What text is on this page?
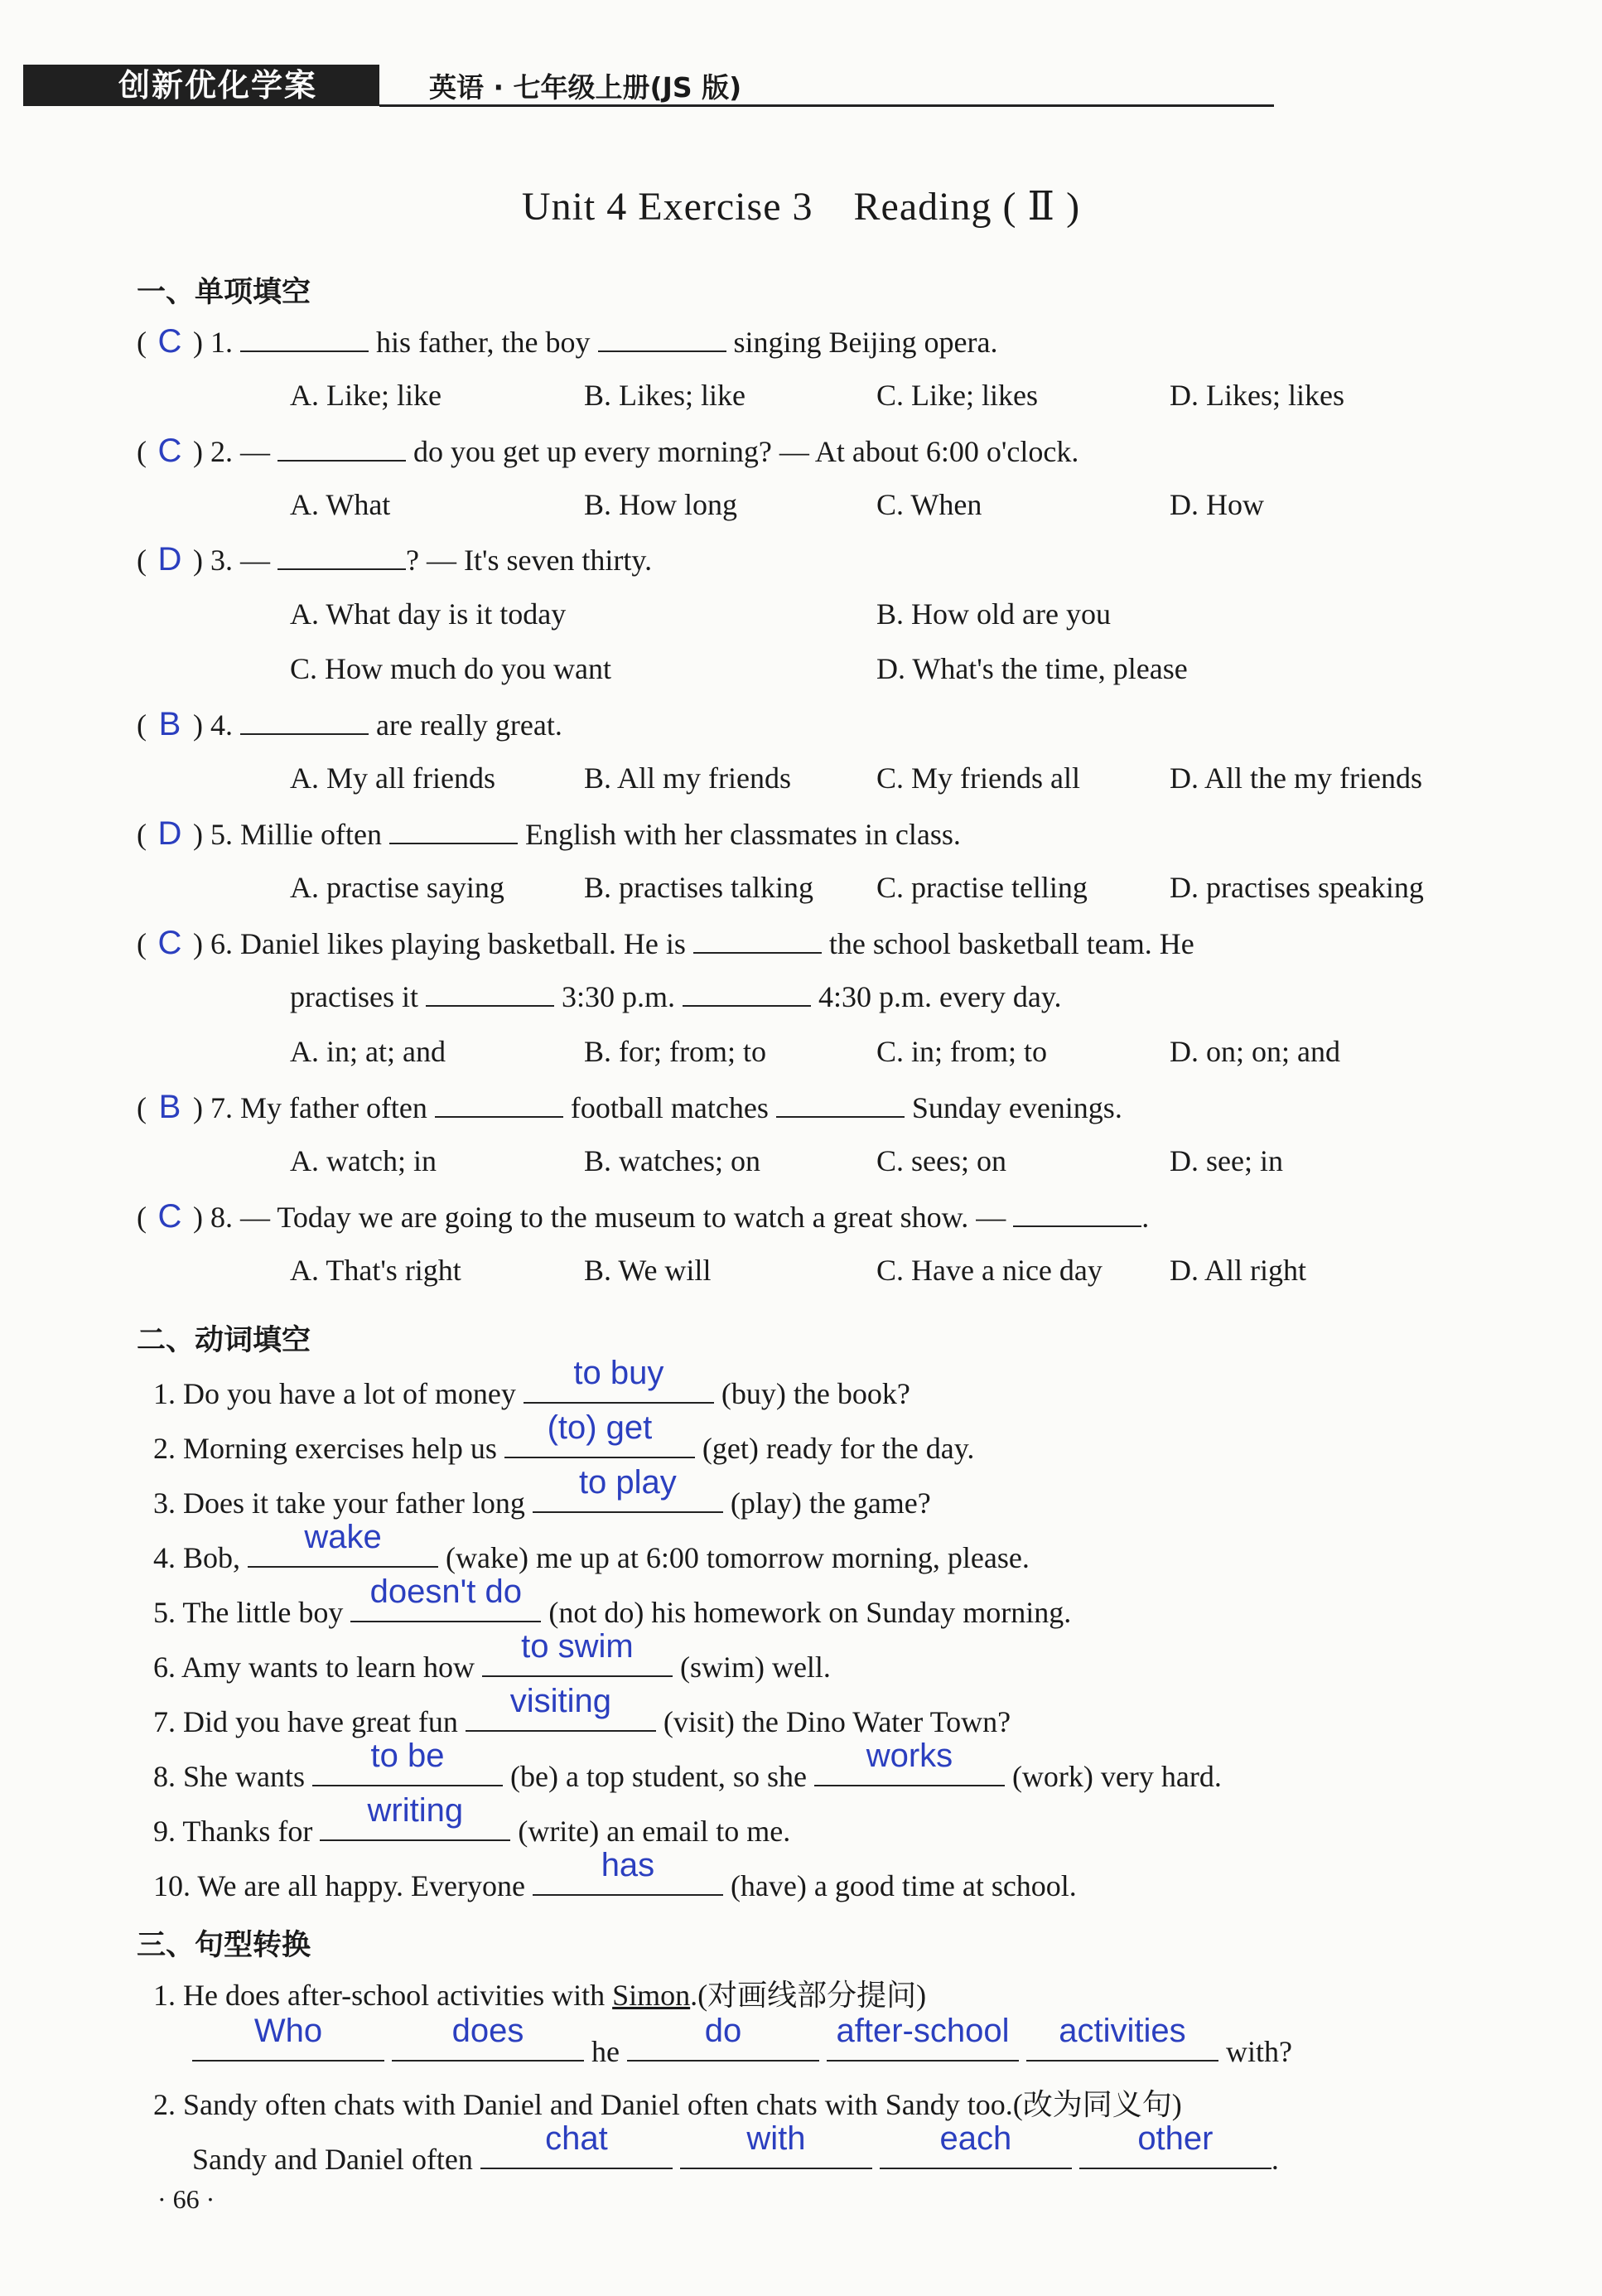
创新优化学案	英语 · 七年级上册(JS 版)
Unit 4 Exercise 3　Reading ( Ⅱ )
一、单项填空
( C ) 1.	his father, the boy	singing Beijing opera.
A. Like; like	B. Likes; like	C. Like; likes	D. Likes; likes
( C ) 2. —	do you get up every morning? — At about 6:00 o'clock.
A. What	B. How long	C. When	D. How
( D ) 3. —	? — It's seven thirty.
A. What day is it today	B. How old are you
C. How much do you want	D. What's the time, please
( B ) 4.	are really great.
A. My all friends	B. All my friends	C. My friends all	D. All the my friends
( D ) 5. Millie often	English with her classmates in class.
A. practise saying	B. practises talking C. practise telling	D. practises speaking
( C ) 6. Daniel likes playing basketball. He is	the school basketball team. He
practises it	3:30 p.m.	4:30 p.m. every day.
A. in; at; and	B. for; from; to	C. in; from; to	D. on; on; and
( B ) 7. My father often	football matches	Sunday evenings.
A. watch; in	B. watches; on	C. sees; on	D. see; in
( C ) 8. — Today we are going to the museum to watch a great show. —	.
A. That's right	B. We will	C. Have a nice day D. All right
二、动词填空
1. Do you have a lot of money
to buy
(buy) the book?
2. Morning exercises help us
(to) get
(get) ready for the day.
3. Does it take your father long
to play
(play) the game?
4. Bob,
wake
(wake) me up at 6:00 tomorrow morning, please.
5. The little boy
doesn't do
(not do) his homework on Sunday morning.
6. Amy wants to learn how
to swim
(swim) well.
7. Did you have great fun
visiting
(visit) the Dino Water Town?
8. She wants
to be
(be) a top student, so she
works
(work) very hard.
9. Thanks for
writing
(write) an email to me.
10. We are all happy. Everyone
has
(have) a good time at school.
三、句型转换
1. He does after-school activities with Simon.(对画线部分提问)
Who
	does
he
do
	after-school
	activities
with?
2. Sandy often chats with Daniel and Daniel often chats with Sandy too.(改为同义句)
Sandy and Daniel often
chat
	with
	each
	other
.
· 66 ·
